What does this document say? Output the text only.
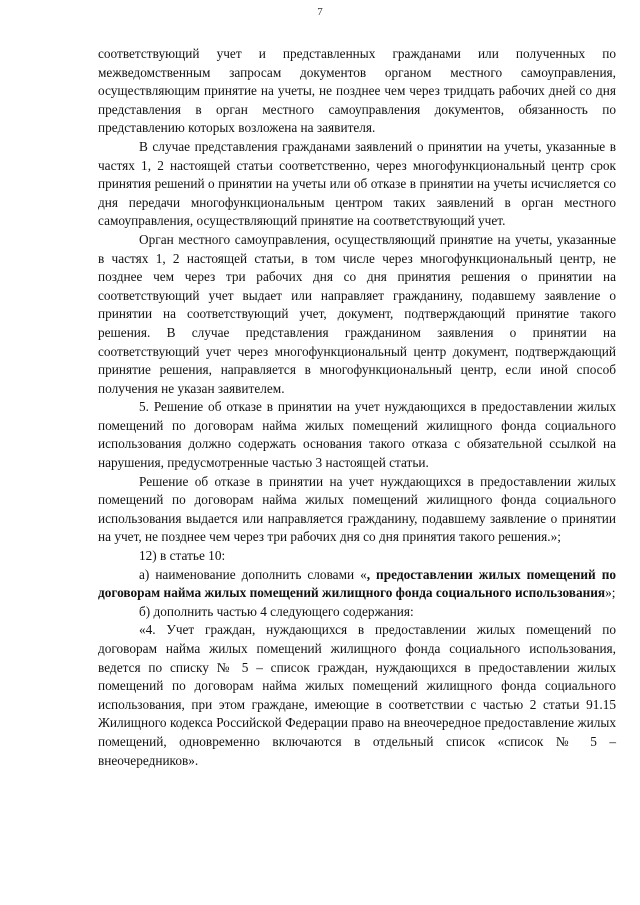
7

соответствующий учет и представленных гражданами или полученных по межведомственным запросам документов органом местного самоуправления, осуществляющим принятие на учеты, не позднее чем через тридцать рабочих дней со дня представления в орган местного самоуправления документов, обязанность по представлению которых возложена на заявителя.

В случае представления гражданами заявлений о принятии на учеты, указанные в частях 1, 2 настоящей статьи соответственно, через многофункциональный центр срок принятия решений о принятии на учеты или об отказе в принятии на учеты исчисляется со дня передачи многофункциональным центром таких заявлений в орган местного самоуправления, осуществляющий принятие на соответствующий учет.

Орган местного самоуправления, осуществляющий принятие на учеты, указанные в частях 1, 2 настоящей статьи, в том числе через многофункциональный центр, не позднее чем через три рабочих дня со дня принятия решения о принятии на соответствующий учет выдает или направляет гражданину, подавшему заявление о принятии на соответствующий учет, документ, подтверждающий принятие такого решения. В случае представления гражданином заявления о принятии на соответствующий учет через многофункциональный центр документ, подтверждающий принятие решения, направляется в многофункциональный центр, если иной способ получения не указан заявителем.

5. Решение об отказе в принятии на учет нуждающихся в предоставлении жилых помещений по договорам найма жилых помещений жилищного фонда социального использования должно содержать основания такого отказа с обязательной ссылкой на нарушения, предусмотренные частью 3 настоящей статьи.

Решение об отказе в принятии на учет нуждающихся в предоставлении жилых помещений по договорам найма жилых помещений жилищного фонда социального использования выдается или направляется гражданину, подавшему заявление о принятии на учет, не позднее чем через три рабочих дня со дня принятия такого решения.»;

12) в статье 10:

а) наименование дополнить словами «, предоставлении жилых помещений по договорам найма жилых помещений жилищного фонда социального использования»;

б) дополнить частью 4 следующего содержания:

«4. Учет граждан, нуждающихся в предоставлении жилых помещений по договорам найма жилых помещений жилищного фонда социального использования, ведется по списку № 5 – список граждан, нуждающихся в предоставлении жилых помещений по договорам найма жилых помещений жилищного фонда социального использования, при этом граждане, имеющие в соответствии с частью 2 статьи 91.15 Жилищного кодекса Российской Федерации право на внеочередное предоставление жилых помещений, одновременно включаются в отдельный список «список № 5 – внеочередников».
